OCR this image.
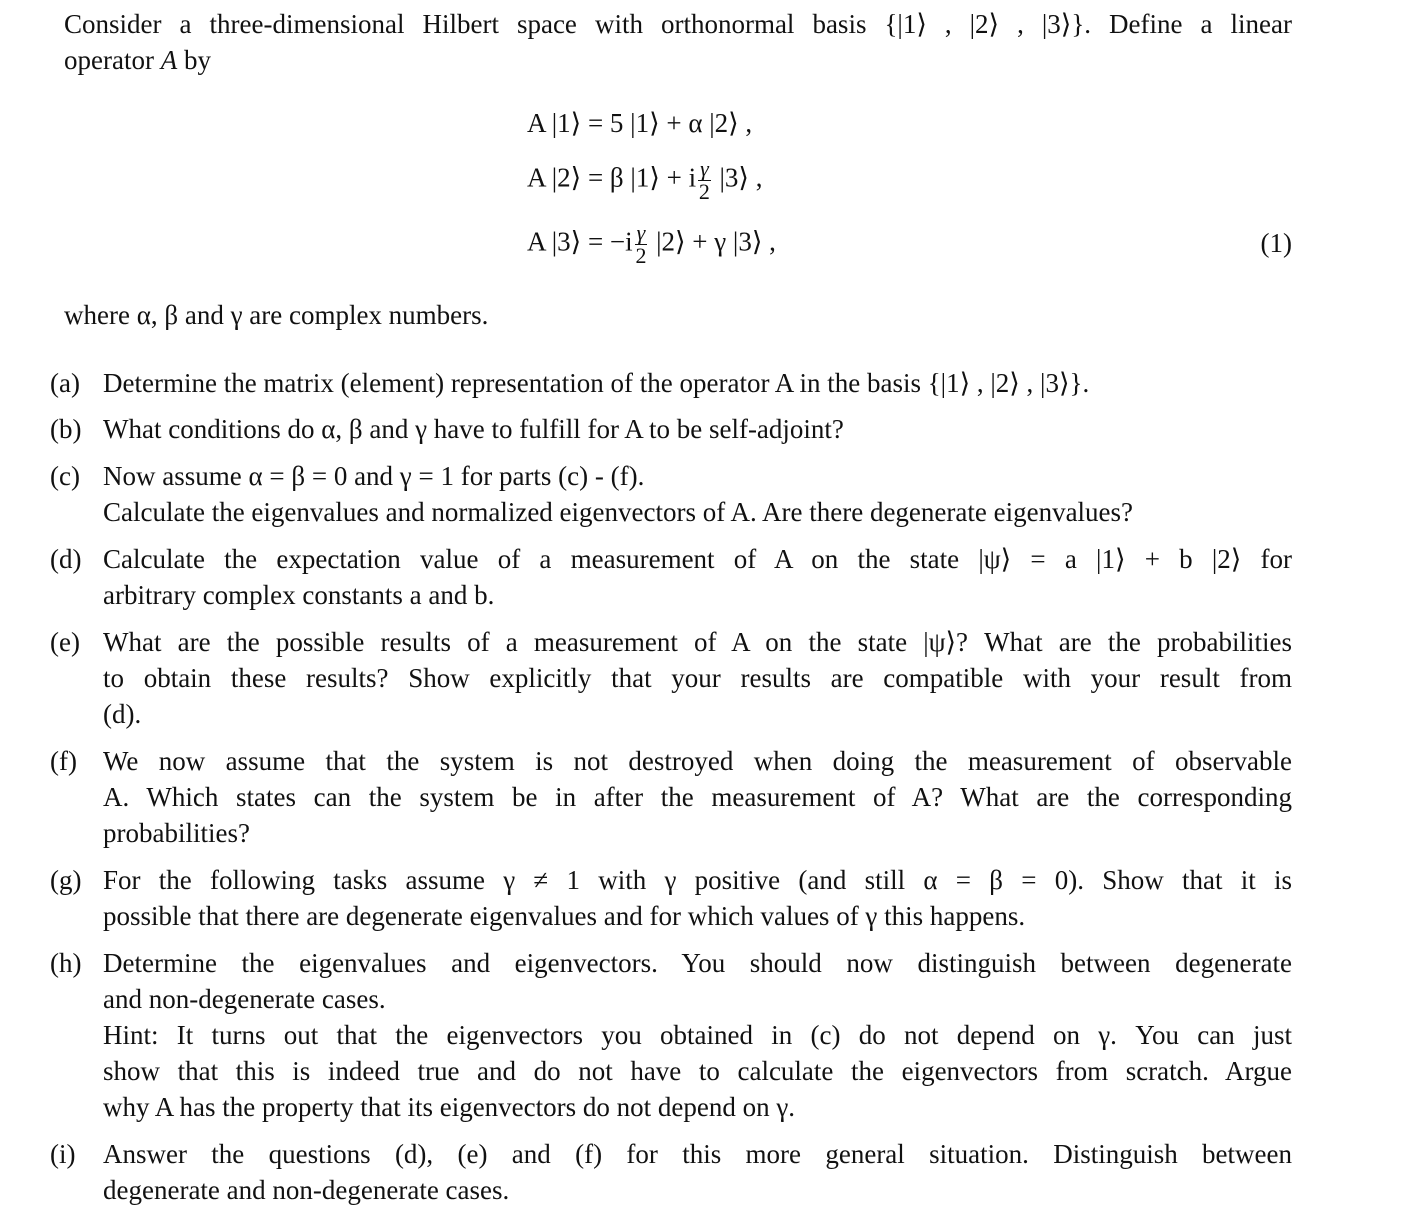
Consider a three-dimensional Hilbert space with orthonormal basis {|1⟩ , |2⟩ , |3⟩}. Define a linear
operator A by
A |1⟩ = 5 |1⟩ + α |2⟩ ,
A |2⟩ = β |1⟩ + i $\frac{\gamma}{2}$ |3⟩ ,
A |3⟩ = $-i \frac{\gamma}{2}$ |2⟩ + γ |3⟩ ,	(1)
where α, β and γ are complex numbers.
(a) Determine the matrix (element) representation of the operator A in the basis {|1⟩ , |2⟩ , |3⟩}.
(b) What conditions do α, β and γ have to fulfill for A to be self-adjoint?
(c) Now assume α = β = 0 and γ = 1 for parts (c) - (f).
Calculate the eigenvalues and normalized eigenvectors of A. Are there degenerate eigenvalues?
(d) Calculate the expectation value of a measurement of A on the state |ψ⟩ = a |1⟩ + b |2⟩ for
arbitrary complex constants a and b.
(e) What are the possible results of a measurement of A on the state |ψ⟩? What are the probabilities
to obtain these results? Show explicitly that your results are compatible with your result from
(d).
(f) We now assume that the system is not destroyed when doing the measurement of observable
A. Which states can the system be in after the measurement of A? What are the corresponding
probabilities?
(g) For the following tasks assume γ ≠ 1 with γ positive (and still α = β = 0). Show that it is
possible that there are degenerate eigenvalues and for which values of γ this happens.
(h) Determine the eigenvalues and eigenvectors. You should now distinguish between degenerate
and non-degenerate cases.
Hint: It turns out that the eigenvectors you obtained in (c) do not depend on γ. You can just
show that this is indeed true and do not have to calculate the eigenvectors from scratch. Argue
why A has the property that its eigenvectors do not depend on γ.
(i) Answer the questions (d), (e) and (f) for this more general situation. Distinguish between
degenerate and non-degenerate cases.
